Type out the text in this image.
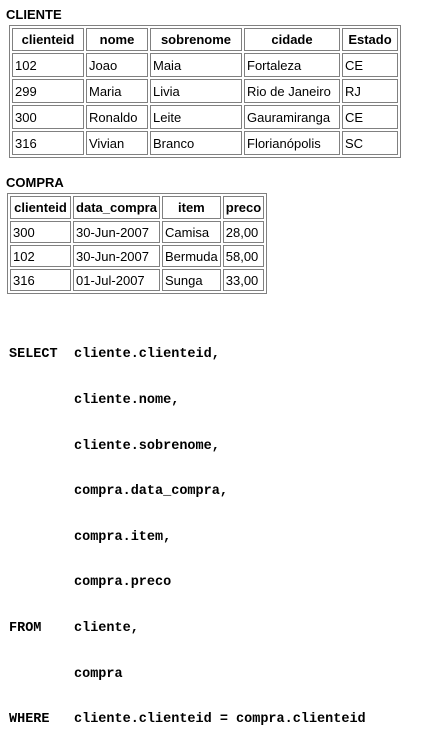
CLIENTE
clienteid	nome	sobrenome	cidade	Estado
102	Joao	Maia	Fortaleza	CE
299	Maria	Livia	Rio de Janeiro	RJ
300	Ronaldo	Leite	Gauramiranga	CE
316	Vivian	Branco	Florianópolis	SC
COMPRA
clienteid	data_compra	item	preco
300	30-Jun-2007	Camisa	28,00
102	30-Jun-2007	Bermuda	58,00
316	01-Jul-2007	Sunga	33,00

SELECT cliente.clienteid,

cliente.nome,

cliente.sobrenome,

compra.data_compra,

compra.item,

compra.preco

FROM cliente,

compra

WHERE cliente.clienteid = compra.clienteid
